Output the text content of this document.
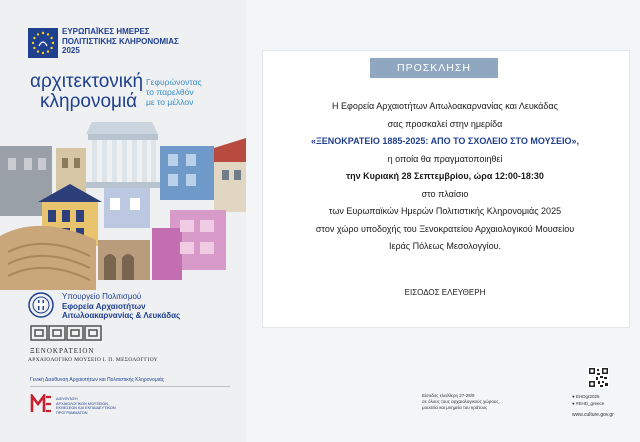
ΕΥΡΩΠΑΪΚΕΣ ΗΜΕΡΕΣ
ΠΟΛΙΤΙΣΤΙΚΗΣ ΚΛΗΡΟΝΟΜΙΑΣ
2025
αρχιτεκτονική
κληρονομιά
Γεφυρώνοντας
το παρελθόν
με το μέλλον
Υπουργείο Πολιτισμού
Εφορεία Αρχαιοτήτων
Αιτωλοακαρνανίας & Λευκάδας
ΞΕΝΟΚΡΑΤΕΙΟΝ
ΑΡΧΑΙΟΛΟΓΙΚΟ ΜΟΥΣΕΙΟ Ι. Π. ΜΕΣΟΛΟΓΓΙΟΥ
Γενική Διεύθυνση Αρχαιοτήτων και Πολιτιστικής Κληρονομιάς
ΔΙΕΥΘΥΝΣΗ
ΑΡΧΑΙΟΛΟΓΙΚΩΝ ΜΟΥΣΕΙΩΝ,
ΕΚΘΕΣΕΩΝ ΚΑΙ ΕΚΠΑΙΔΕΥΤΙΚΩΝ
ΠΡΟΓΡΑΜΜΑΤΩΝ
ΠΡΟΣΚΛΗΣΗ
Η Εφορεία Αρχαιοτήτων Αιτωλοακαρνανίας και Λευκάδας
σας προσκαλεί στην ημερίδα
«ΞΕΝΟΚΡΑΤΕΙΟ 1885-2025: ΑΠΟ ΤΟ ΣΧΟΛΕΙΟ ΣΤΟ ΜΟΥΣΕΙΟ»,
η οποία θα πραγματοποιηθεί
την Κυριακή 28 Σεπτεμβρίου, ώρα 12:00-18:30
στο πλαίσιο
των Ευρωπαϊκών Ημερών Πολιτιστικής Κληρονομιάς 2025
στον χώρο υποδοχής του Ξενοκρατείου Αρχαιολογικού Μουσείου
Ιεράς Πόλεως Μεσολογγίου.
ΕΙΣΟΔΟΣ ΕΛΕΥΘΕΡΗ
Είσοδος ελεύθερη 27-28/9
σε όλους τους αρχαιολογικούς χώρους,
μουσεία και μνημεία του κράτους
● EHDgr2025
● #EHD_greece
www.culture.gov.gr
